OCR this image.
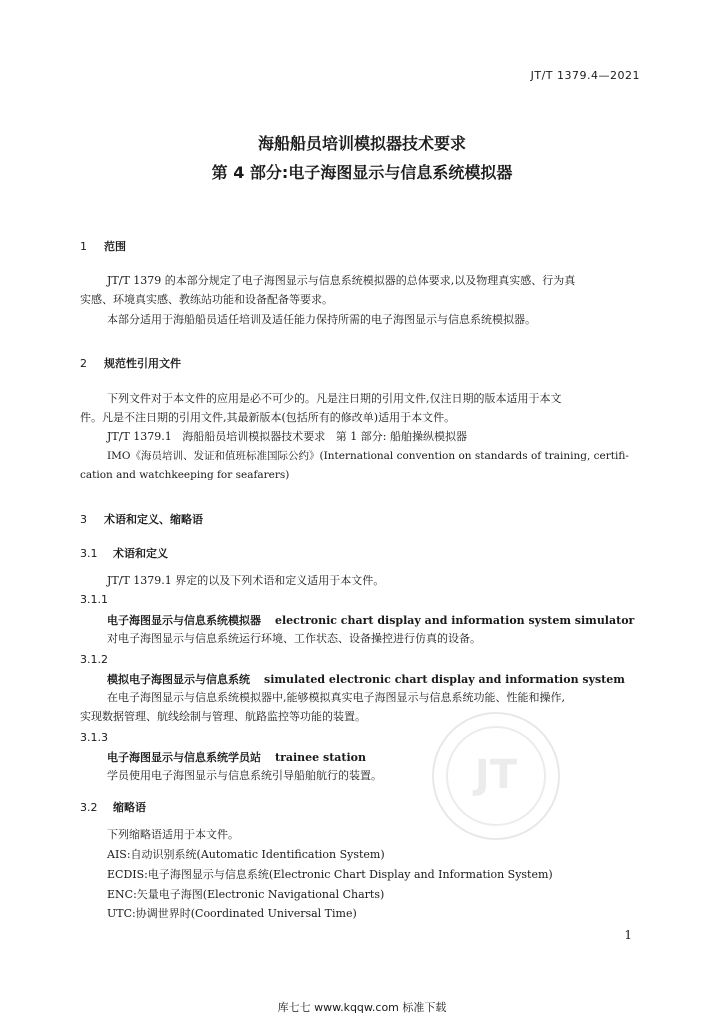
JT/T 1379.4—2021
海船船员培训模拟器技术要求
第 4 部分:电子海图显示与信息系统模拟器
1 范围
JT/T 1379 的本部分规定了电子海图显示与信息系统模拟器的总体要求,以及物理真实感、行为真
实感、环境真实感、教练站功能和设备配备等要求。
本部分适用于海船船员适任培训及适任能力保持所需的电子海图显示与信息系统模拟器。
2 规范性引用文件
下列文件对于本文件的应用是必不可少的。凡是注日期的引用文件,仅注日期的版本适用于本文
件。凡是不注日期的引用文件,其最新版本(包括所有的修改单)适用于本文件。
JT/T 1379.1   海船船员培训模拟器技术要求   第 1 部分: 船舶操纵模拟器
IMO《海员培训、发证和值班标准国际公约》(International convention on standards of training, certifi-
cation and watchkeeping for seafarers)
3 术语和定义、缩略语
3.1 术语和定义
JT/T 1379.1 界定的以及下列术语和定义适用于本文件。
3.1.1
电子海图显示与信息系统模拟器 electronic chart display and information system simulator
对电子海图显示与信息系统运行环境、工作状态、设备操控进行仿真的设备。
3.1.2
模拟电子海图显示与信息系统 simulated electronic chart display and information system
在电子海图显示与信息系统模拟器中,能够模拟真实电子海图显示与信息系统功能、性能和操作,
实现数据管理、航线绘制与管理、航路监控等功能的装置。
JT
3.1.3
电子海图显示与信息系统学员站 trainee station
学员使用电子海图显示与信息系统引导船舶航行的装置。
3.2 缩略语
下列缩略语适用于本文件。
AIS:自动识别系统(Automatic Identification System)
ECDIS:电子海图显示与信息系统(Electronic Chart Display and Information System)
ENC:矢量电子海图(Electronic Navigational Charts)
UTC:协调世界时(Coordinated Universal Time)
1
库七七 www.kqqw.com 标准下载
